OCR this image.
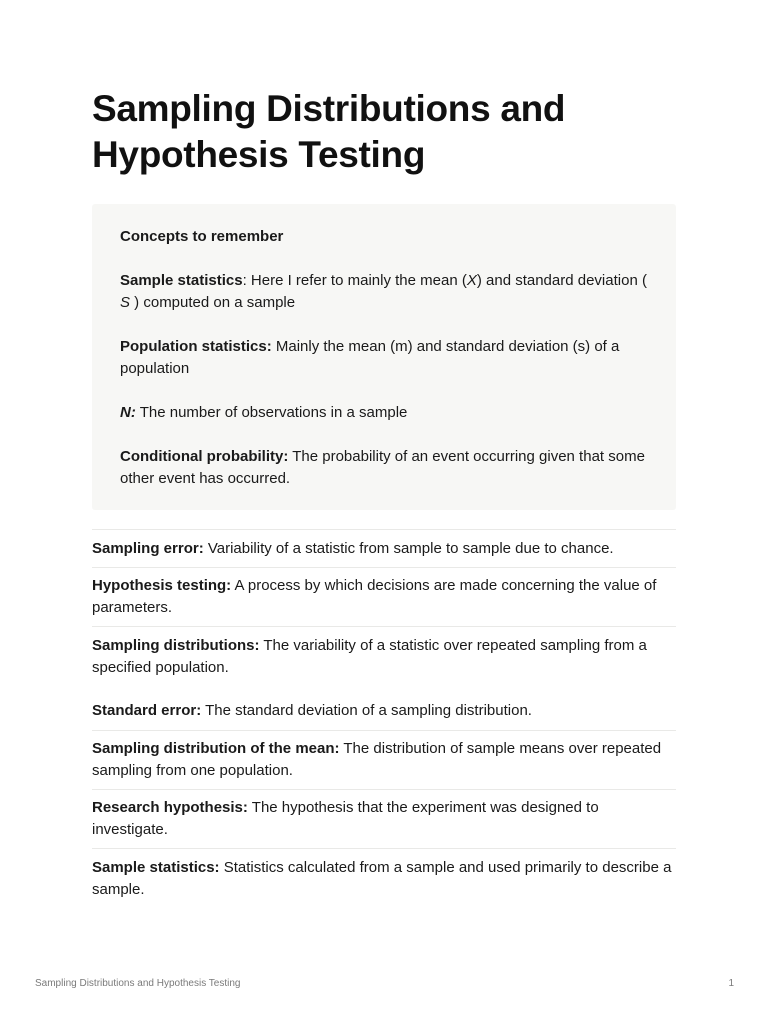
Sampling Distributions and Hypothesis Testing

Concepts to remember

Sample statistics: Here I refer to mainly the mean (X) and standard deviation ( S ) computed on a sample

Population statistics: Mainly the mean (m) and standard deviation (s) of a population

N: The number of observations in a sample

Conditional probability: The probability of an event occurring given that some other event has occurred.

Sampling error: Variability of a statistic from sample to sample due to chance.
Hypothesis testing: A process by which decisions are made concerning the value of parameters.
Sampling distributions: The variability of a statistic over repeated sampling from a specified population.
Standard error: The standard deviation of a sampling distribution.
Sampling distribution of the mean: The distribution of sample means over repeated sampling from one population.
Research hypothesis: The hypothesis that the experiment was designed to investigate.
Sample statistics: Statistics calculated from a sample and used primarily to describe a sample.
Sampling Distributions and Hypothesis Testing	1
